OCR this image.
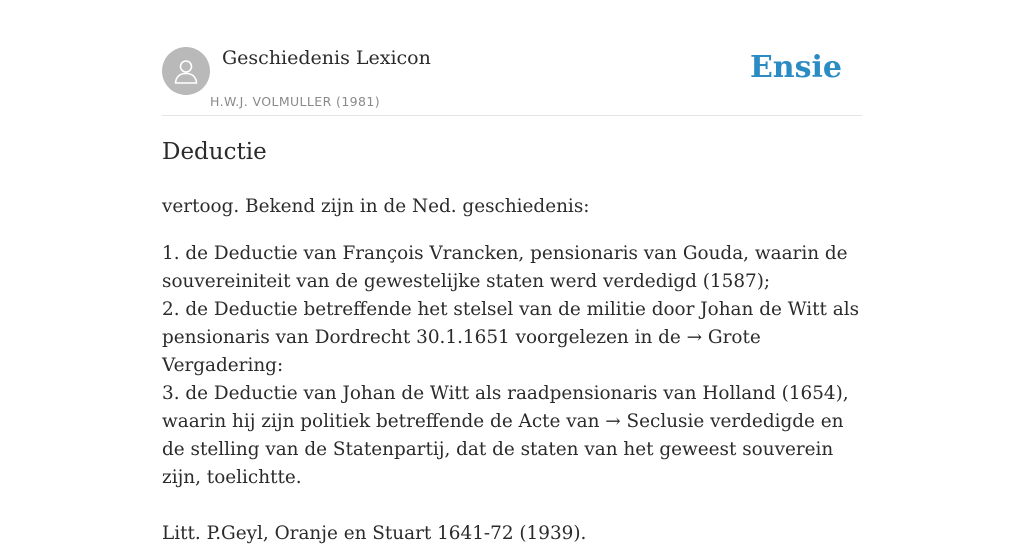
Geschiedenis Lexicon
H.W.J. VOLMULLER (1981)
Ensie
Deductie

vertoog. Bekend zijn in de Ned. geschiedenis:

1. de Deductie van François Vrancken, pensionaris van Gouda, waarin de souvereiniteit van de gewestelijke staten werd verdedigd (1587);

2. de Deductie betreffende het stelsel van de militie door Johan de Witt als pensionaris van Dordrecht 30.1.1651 voorgelezen in de → Grote Vergadering:

3. de Deductie van Johan de Witt als raadpensionaris van Holland (1654), waarin hij zijn politiek betreffende de Acte van → Seclusie verdedigde en de stelling van de Statenpartij, dat de staten van het geweest souverein zijn, toelichtte.

Litt. P.Geyl, Oranje en Stuart 1641-72 (1939).
